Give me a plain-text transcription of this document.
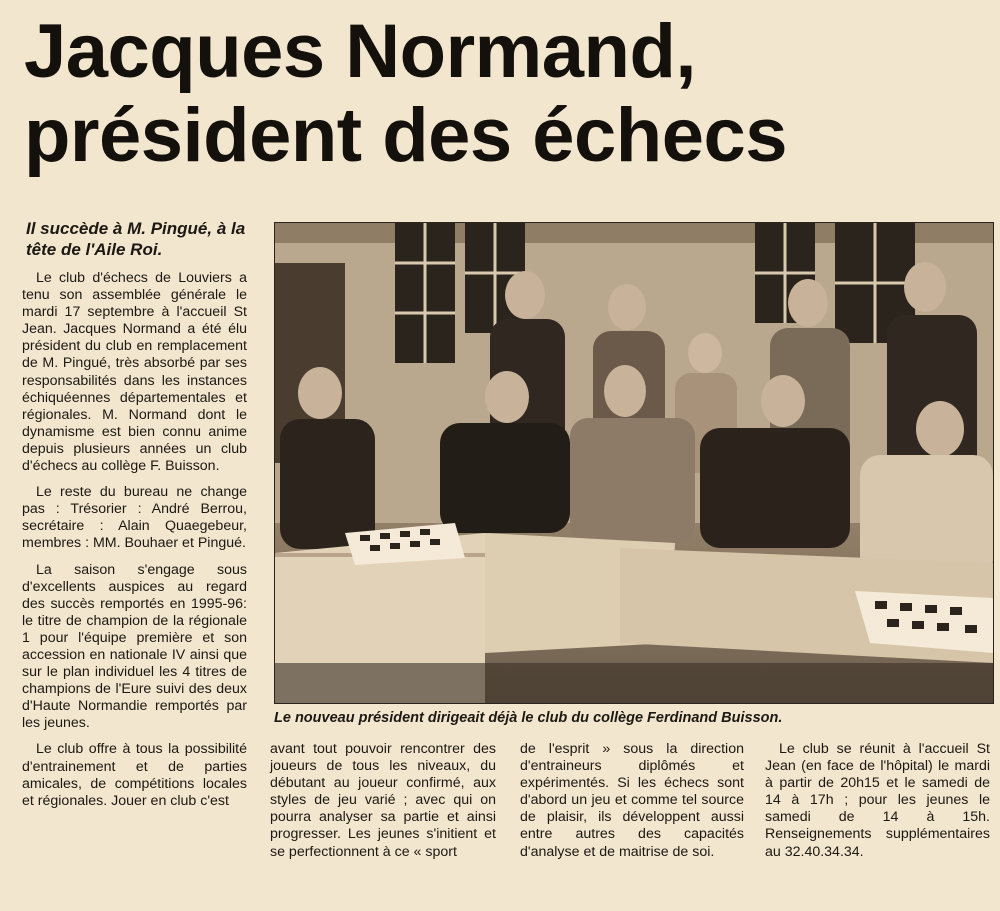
Jacques Normand,
président des échecs
Il succède à M. Pingué, à la tête de l'Aile Roi.

Le club d'échecs de Louviers a tenu son assemblée générale le mardi 17 septembre à l'accueil St Jean. Jacques Normand a été élu président du club en remplacement de M. Pingué, très absorbé par ses responsabilités dans les instances échiquéennes départementales et régionales. M. Normand dont le dynamisme est bien connu anime depuis plusieurs années un club d'échecs au collège F. Buisson.

Le reste du bureau ne change pas : Trésorier : André Berrou, secrétaire : Alain Quaegebeur, membres : MM. Bouhaer et Pingué.

La saison s'engage sous d'excellents auspices au regard des succès remportés en 1995-96: le titre de champion de la régionale 1 pour l'équipe première et son accession en nationale IV ainsi que sur le plan individuel les 4 titres de champions de l'Eure suivi des deux d'Haute Normandie remportés par les jeunes.

Le club offre à tous la possibilité d'entrainement et de parties amicales, de compétitions locales et régionales. Jouer en club c'est

Le nouveau président dirigeait déjà le club du collège Ferdinand Buisson.

avant tout pouvoir rencontrer des joueurs de tous les niveaux, du débutant au joueur confirmé, aux styles de jeu varié ; avec qui on pourra analyser sa partie et ainsi progresser. Les jeunes s'initient et se perfectionnent à ce « sport

de l'esprit » sous la direction d'entraineurs diplômés et expérimentés. Si les échecs sont d'abord un jeu et comme tel source de plaisir, ils développent aussi entre autres des capacités d'analyse et de maitrise de soi.

Le club se réunit à l'accueil St Jean (en face de l'hôpital) le mardi à partir de 20h15 et le samedi de 14 à 17h ; pour les jeunes le samedi de 14 à 15h. Renseignements supplémentaires au 32.40.34.34.
